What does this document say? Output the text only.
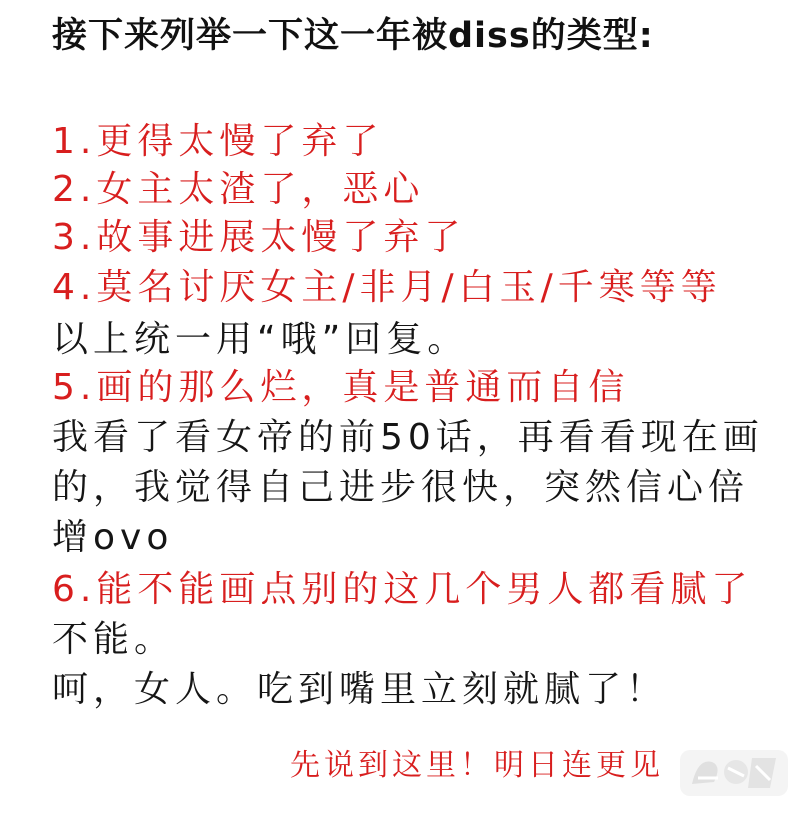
接下来列举一下这一年被diss的类型:
1.更得太慢了弃了
2.女主太渣了，恶心
3.故事进展太慢了弃了
4.莫名讨厌女主/非月/白玉/千寒等等
以上统一用“哦”回复。
5.画的那么烂，真是普通而自信
我看了看女帝的前50话，再看看现在画
的，我觉得自己进步很快，突然信心倍
增ovo
6.能不能画点别的这几个男人都看腻了
不能。
呵，女人。吃到嘴里立刻就腻了！
先说到这里！明日连更见
